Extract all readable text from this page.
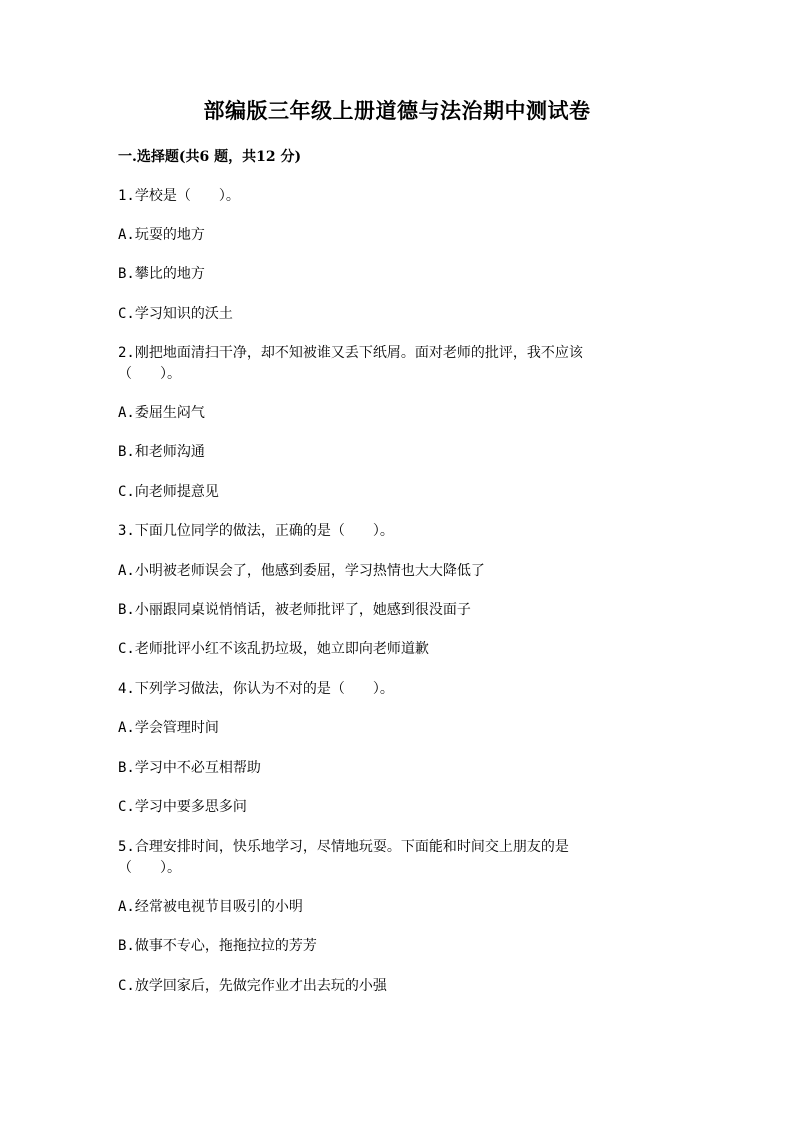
部编版三年级上册道德与法治期中测试卷
一.选择题(共6 题，共12 分)
1.学校是（　　）。
A.玩耍的地方
B.攀比的地方
C.学习知识的沃土
2.刚把地面清扫干净，却不知被谁又丢下纸屑。面对老师的批评，我不应该
（　　）。
A.委屈生闷气
B.和老师沟通
C.向老师提意见
3.下面几位同学的做法，正确的是（　　）。
A.小明被老师误会了，他感到委屈，学习热情也大大降低了
B.小丽跟同桌说悄悄话，被老师批评了，她感到很没面子
C.老师批评小红不该乱扔垃圾，她立即向老师道歉
4.下列学习做法，你认为不对的是（　　）。
A.学会管理时间
B.学习中不必互相帮助
C.学习中要多思多问
5.合理安排时间，快乐地学习，尽情地玩耍。下面能和时间交上朋友的是
（　　）。
A.经常被电视节目吸引的小明
B.做事不专心，拖拖拉拉的芳芳
C.放学回家后，先做完作业才出去玩的小强
